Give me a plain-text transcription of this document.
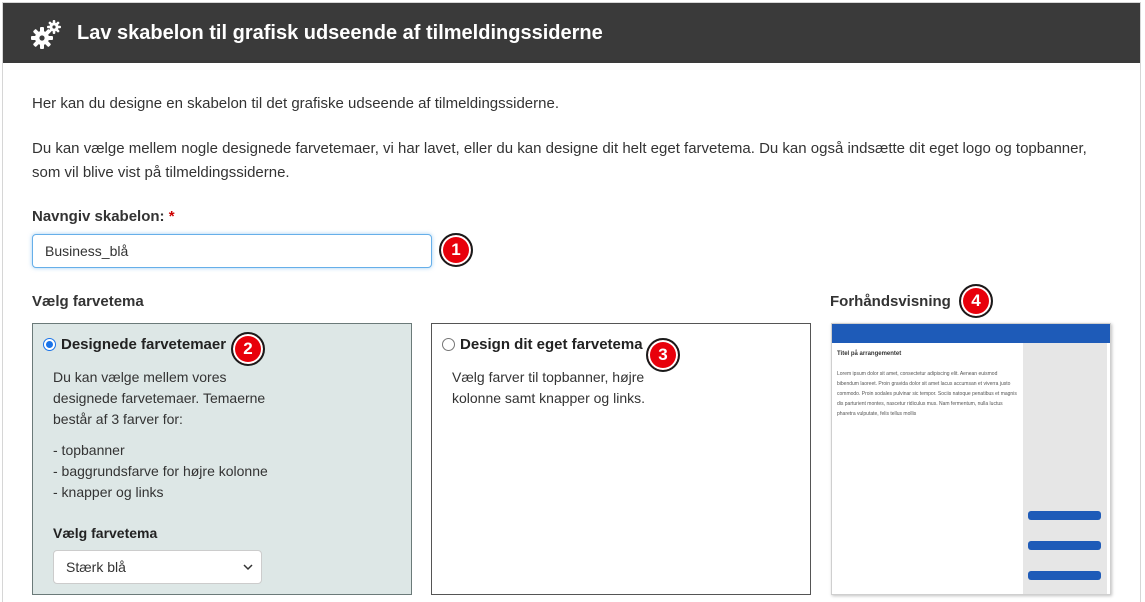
Lav skabelon til grafisk udseende af tilmeldingssiderne

Her kan du designe en skabelon til det grafiske udseende af tilmeldingssiderne.

Du kan vælge mellem nogle designede farvetemaer, vi har lavet, eller du kan designe dit helt eget farvetema. Du kan også indsætte dit eget logo og topbanner, som vil blive vist på tilmeldingssiderne.

Navngiv skabelon: *
Business_blå
1
Vælg farvetema	Forhåndsvisning	4
Designede farvetemaer	2
Du kan vælge mellem vores designede farvetemaer. Temaerne består af 3 farver for:
- topbanner
- baggrundsfarve for højre kolonne
- knapper og links
Vælg farvetema
Stærk blå
Design dit eget farvetema
3
Vælg farver til topbanner, højre kolonne samt knapper og links.
Titel på arrangementet
Lorem ipsum dolor sit amet, consectetur adipiscing elit. Aenean euismod bibendum laoreet. Proin gravida dolor sit amet lacus accumsan et viverra justo commodo. Proin sodales pulvinar sic tempor. Sociis natoque penatibus et magnis dis parturient montes, nascetur ridiculus mus. Nam fermentum, nulla luctus pharetra vulputate, felis tellus mollis
